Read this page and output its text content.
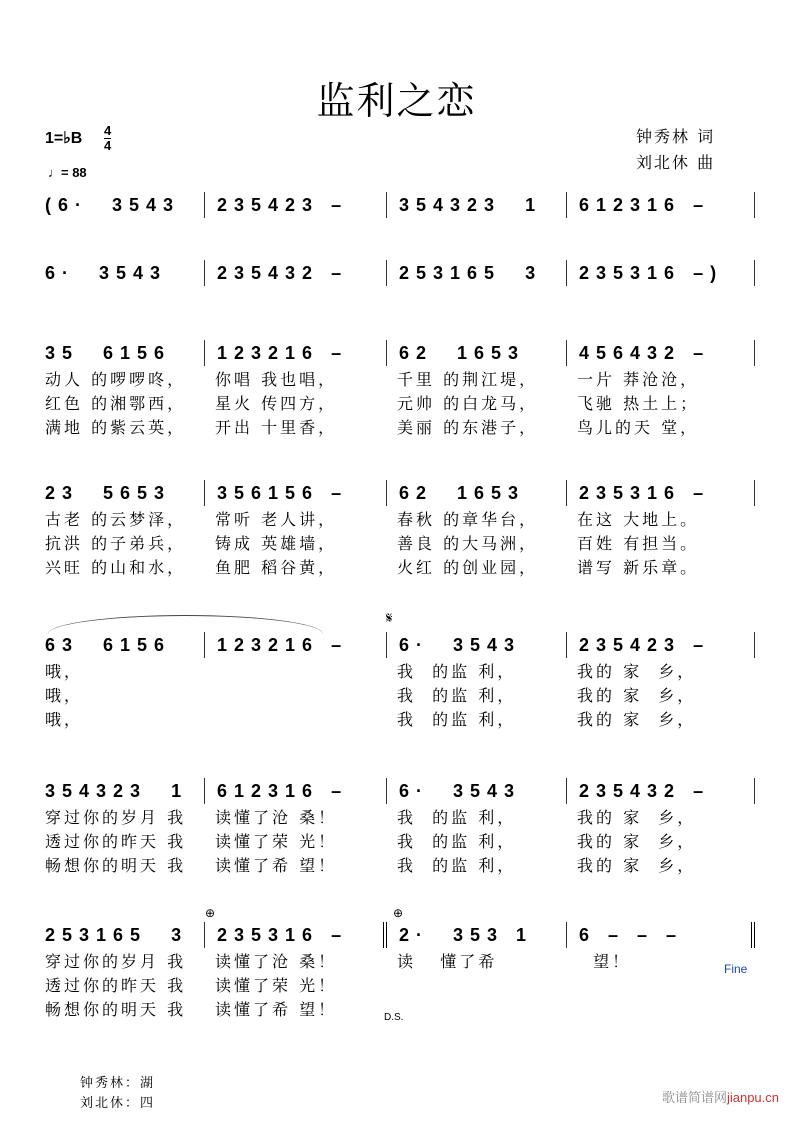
监利之恋
1=♭B 4
4
♩= 88
钟秀林 词
刘北休 曲
(6·  3543	235423 –	354323  1	612316 –
6·  3543	235432 –	253165  3	235316 –)
35  6156	123216 –	62  1653	456432 –
动人 的啰啰咚，	你唱 我也唱，	千里 的荆江堤，	一片 莽沧沧，
红色 的湘鄂西，	星火 传四方，	元帅 的白龙马，	飞驰 热土上；
满地 的紫云英，	开出 十里香，	美丽 的东港子，	鸟儿的天 堂，
23  5653	356156 –	62  1653	235316 –
古老 的云梦泽，	常听 老人讲，	春秋 的章华台，	在这 大地上。
抗洪 的子弟兵，	铸成 英雄墙，	善良 的大马洲，	百姓 有担当。
兴旺 的山和水，	鱼肥 稻谷黄，	火红 的创业园，	谱写 新乐章。
63  6156	123216 –	6·  3543	235423 –
哦，	我  的监 利，	我的 家  乡，
哦，	我  的监 利，	我的 家  乡，
哦，	我  的监 利，	我的 家  乡，
354323  1	612316 –	6·  3543	235432 –
穿过你的岁月 我	读懂了沧 桑！	我  的监 利，	我的 家  乡，
透过你的昨天 我	读懂了荣 光！	我  的监 利，	我的 家  乡，
畅想你的明天 我	读懂了希 望！	我  的监 利，	我的 家  乡，
253165  3	235316 –	2·  353 1	6 – – –
穿过你的岁月 我	读懂了沧 桑！	读   懂了希	望！
透过你的昨天 我	读懂了荣 光！
畅想你的明天 我	读懂了希 望！
𝄋
⊕	⊕
Fine
D.S.
钟秀林：湖
刘北休：四	歌谱简谱网jianpu.cn
